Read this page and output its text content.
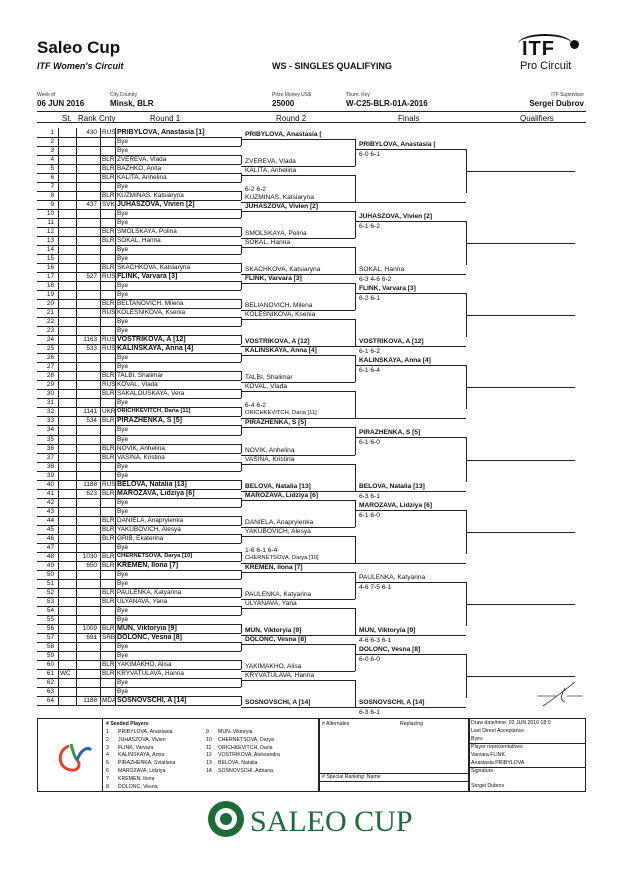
Saleo Cup
ITF Women's Circuit	WS - SINGLES QUALIFYING
ITF
Pro Circuit
Week of
06 JUN 2016
City,Country
Minsk, BLR
Prize Money US$
25000
Tourn. Key
W-C25-BLR-01A-2016
ITF Supervisor
Sergei Dubrov
St. Rank Cnty	Round 1	Round 2	Finals	Qualifiers
1	430 RUS PRIBYLOVA, Anastasia [1]
2	Bye
3	Bye
4	BLR ZVEREVA, Vlada
5	BLR BAZHKO, Anita
6	BLR KALITA, Anhelina
7	Bye
8	BLR KUZMINAS, Katsiaryna
9	437 SVK JUHASZOVA, Vivien [2]
10	Bye
11	Bye
12	BLR SMOLSKAYA, Polina
13	BLR SOKAL, Hanna
14	Bye
15	Bye
16	BLR SKACHKOVA, Katsiaryna
17	527 RUS FLINK, Varvara [3]
18	Bye
19	Bye
20	BLR BELTANOVICH, Milena
21	RUS KOLESNIKOVA, Ksenia
22	Bye
23	Bye
24	1163 RUS VOSTRIKOVA, A [12]
25	533 RUS KALINSKAYA, Anna [4]
26	Bye
27	Bye
28	BLR TALBI, Shalimar
29	RUS KOVAL, Vlada
30	BLR SAKALOUSKAYA, Vera
31	Bye
32	1141 UKR ORICHKEVITCH, Daria [11]
33	534 BLR PIRAZHENKA, S [5]
34	Bye
35	Bye
36	BLR NOVIK, Anhelina
37	BLR VASINA, Kristina
38	Bye
39	Bye
40	1188 RUS BELOVA, Natalia [13]
41	623 BLR MAROZAVA, Lidziya [6]
42	Bye
43	Bye
44	BLR DANIELA, Anapryienka
45	BLR YAKUBOVICH, Alesya
46	BLR GRIB, Ekaterina
47	Bye
48	1030 BLR CHERNETSOVA, Darya [10]
49	650 BLR KREMEN, Ilona [7]
50	Bye
51	Bye
52	BLR PAULENKA, Katyarina
53	BLR ULYANAVA, Yana
54	Bye
55	Bye
56	1009 BLR MUN, Viktoryia [9]
57	691 SRB DOLONC, Vesna [8]
58	Bye
59	Bye
60	BLR YAKIMAKHO, Alisa
61 WC	BLR KRYVATULAVA, Hanna
62	Bye
63	Bye
64	1188 MDA SOSNOVSCHI, A [14]
PRIBYLOVA, Anastasia [
ZVEREVA, Vlada
KALITA, Anhelina
KUZMINAS, Katsiaryna
6-2 6-2
JUHASZOVA, Vivien [2]
SMOLSKAYA, Polina
SOKAL, Hanna
SKACHKOVA, Katsiaryna
FLINK, Varvara [3]
BELIANOVICH, Milena
KOLESNIKOVA, Ksenia
VOSTRIKOVA, A [12]
KALINSKAYA, Anna [4]
TALBI, Shalimar
KOVAL, Vlada
ORICHKEVITCH, Daria [11]
6-4 6-2
PIRAZHENKA, S [5]
NOVIK, Anhelina
VASINA, Kristina
BELOVA, Natalia [13]
MAROZAVA, Lidziya [6]
DANIELA, Anapryienka
YAKUBOVICH, Alesya
CHERNETSOVA, Darya [10]
1-6 6-1 6-4
KREMEN, Ilona [7]
PAULENKA, Katyarina
ULYANAVA, Yana
MUN, Viktoryia [9]
DOLONC, Vesna [8]
YAKIMAKHO, Alisa
KRYVATULAVA, Hanna
SOSNOVSCHI, A [14]
PRIBYLOVA, Anastasia [
6-0 6-1
JUHASZOVA, Vivien [2]
6-1 6-2
SOKAL, Hanna
6-3 4-6 6-2
FLINK, Varvara [3]
6-2 6-1
VOSTRIKOVA, A [12]
6-1 6-2
KALINSKAYA, Anna [4]
6-1 6-4
PIRAZHENKA, S [5]
6-1 6-0
BELOVA, Natalia [13]
6-3 6-1
MAROZAVA, Lidziya [6]
6-1 6-0
PAULENKA, Katyarina
4-6 7-5 6-1
MUN, Viktoryia [9]
4-6 6-3 6-1
DOLONC, Vesna [8]
6-0 6-0
SOSNOVSCHI, A [14]
6-3 6-1
# Seeded Players
1 PRIBYLOVA, Anastasia
2 JUHASZOVA, Vivien
3 FLINK, Varvara
4 KALINSKAYA, Anna
5 PIRAZHENKA, Sviatlana
6 MAROZAVA, Lidziya
7 KREMEN, Ilona
8 DOLONC, Vesna
9 MUN, Viktoryia
10 CHERNETSOVA, Darya
11 ORICHKEVITCH, Daria
12 VOSTRIKOVA, Aleksandra
13 BELOVA, Natalia
14 SOSNOVSCHI, Adriana
# Alternates	Replacing
# Special Ranking: Name
Draw date/time: 03 JUN 2016 18:0
Last Direct Acceptance
Byes
Player representatives
Varvara FLINK
Anastasia PRIBYLOVA
Signature
Sergei Dubrov
SALEO CUP
